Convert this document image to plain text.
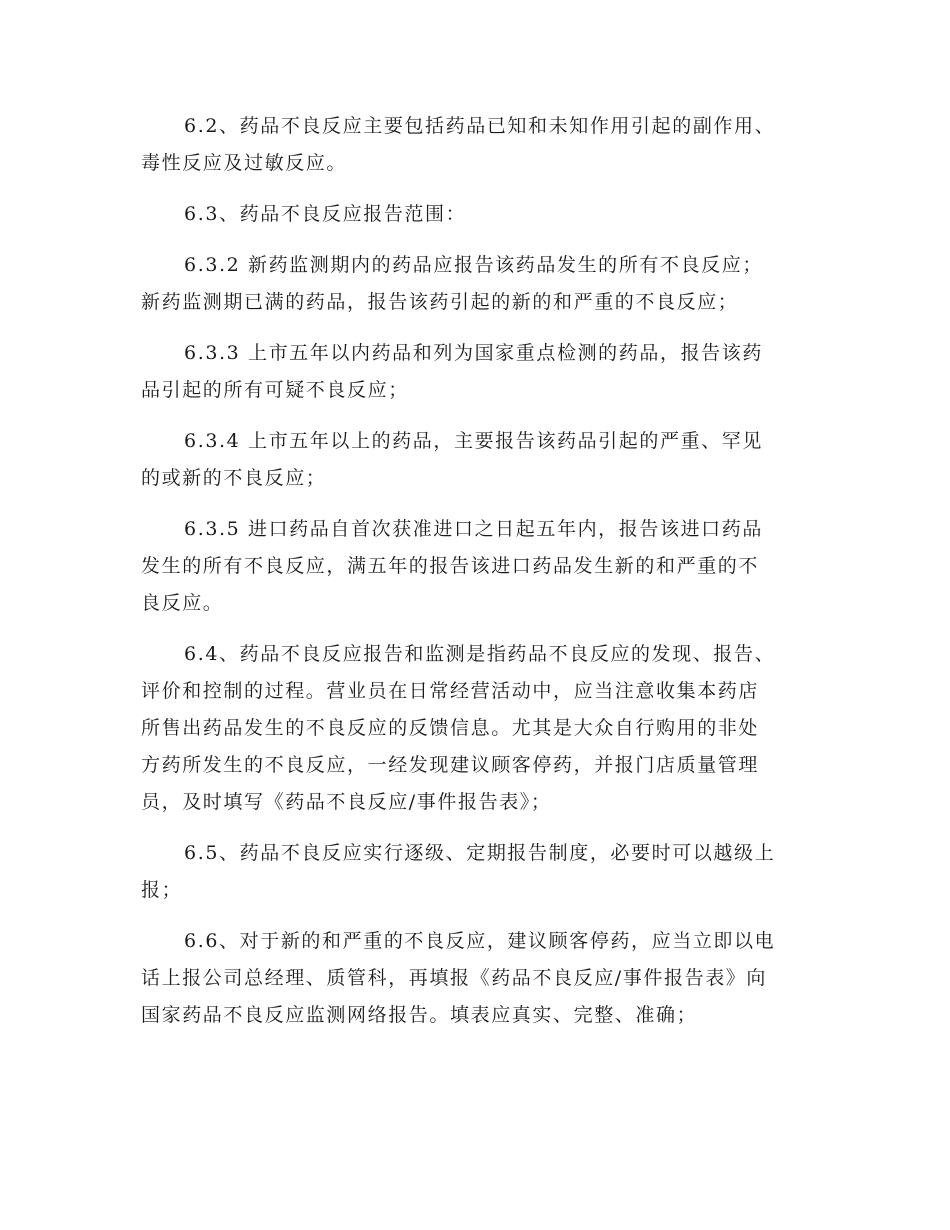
6.2、药品不良反应主要包括药品已知和未知作用引起的副作用、
毒性反应及过敏反应。

6.3、药品不良反应报告范围：

6.3.2 新药监测期内的药品应报告该药品发生的所有不良反应；
新药监测期已满的药品，报告该药引起的新的和严重的不良反应；

6.3.3 上市五年以内药品和列为国家重点检测的药品，报告该药
品引起的所有可疑不良反应；

6.3.4 上市五年以上的药品，主要报告该药品引起的严重、罕见
的或新的不良反应；

6.3.5 进口药品自首次获准进口之日起五年内，报告该进口药品
发生的所有不良反应，满五年的报告该进口药品发生新的和严重的不
良反应。

6.4、药品不良反应报告和监测是指药品不良反应的发现、报告、
评价和控制的过程。营业员在日常经营活动中，应当注意收集本药店
所售出药品发生的不良反应的反馈信息。尤其是大众自行购用的非处
方药所发生的不良反应，一经发现建议顾客停药，并报门店质量管理
员，及时填写《药品不良反应/事件报告表》；

6.5、药品不良反应实行逐级、定期报告制度，必要时可以越级上
报；

6.6、对于新的和严重的不良反应，建议顾客停药，应当立即以电
话上报公司总经理、质管科，再填报《药品不良反应/事件报告表》向
国家药品不良反应监测网络报告。填表应真实、完整、准确；
